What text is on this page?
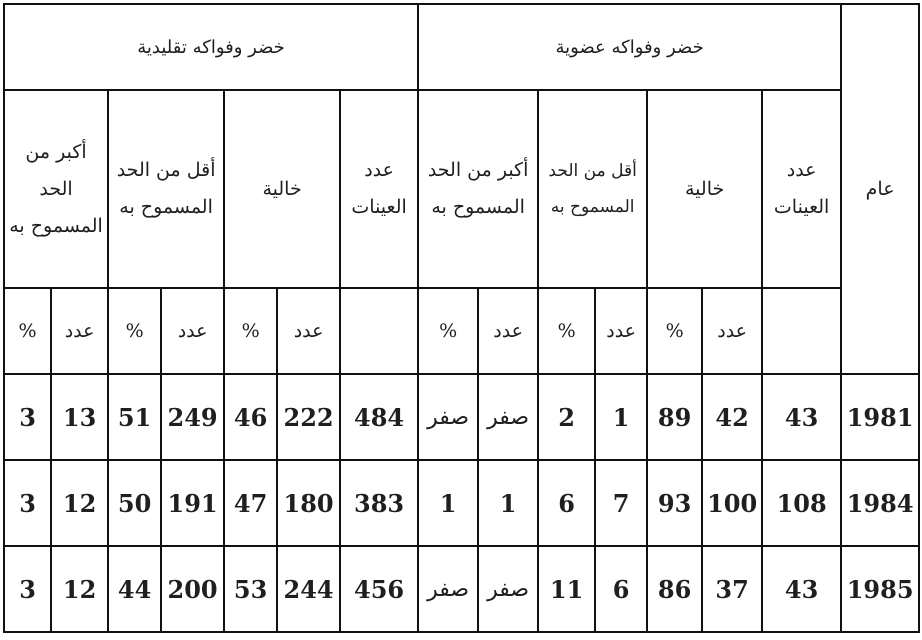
عام	خضر وفواكه عضوية							خضر وفواكه تقليدية						
	عدد العينات	خالية		أقل من الحد المسموح به		أكبر من الحد المسموح به		عدد العينات	خالية		أقل من الحد المسموح به		أكبر من الحد المسموح به	
		عدد	%	عدد	%	عدد	%		عدد	%	عدد	%	عدد	%
1981	43	42	89	1	2	صفر	صفر	484	222	46	249	51	13	3
1984	108	100	93	7	6	1	1	383	180	47	191	50	12	3
1985	43	37	86	6	11	صفر	صفر	456	244	53	200	44	12	3
